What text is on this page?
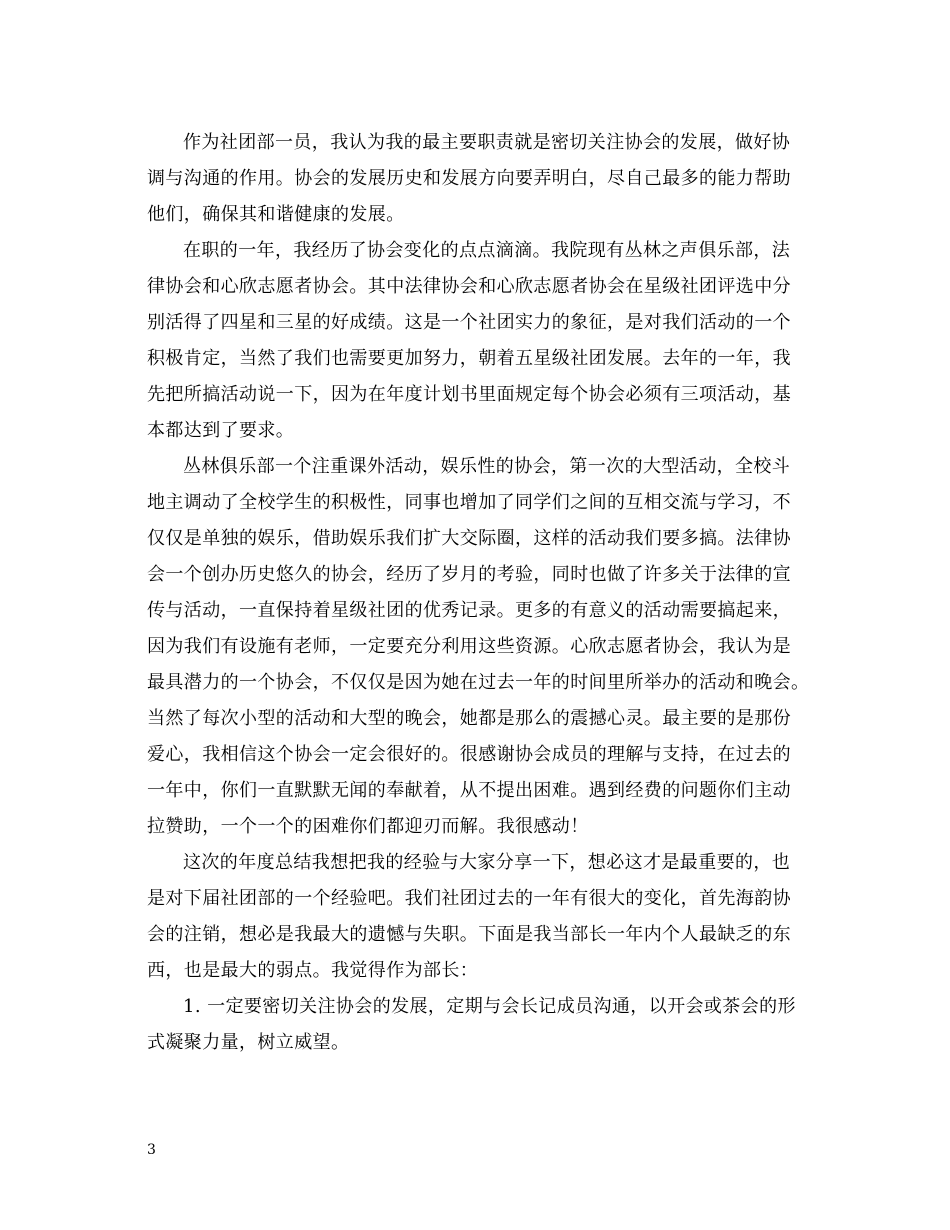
作为社团部一员，我认为我的最主要职责就是密切关注协会的发展，做好协
调与沟通的作用。协会的发展历史和发展方向要弄明白，尽自己最多的能力帮助
他们，确保其和谐健康的发展。
在职的一年，我经历了协会变化的点点滴滴。我院现有丛林之声俱乐部，法
律协会和心欣志愿者协会。其中法律协会和心欣志愿者协会在星级社团评选中分
别活得了四星和三星的好成绩。这是一个社团实力的象征，是对我们活动的一个
积极肯定，当然了我们也需要更加努力，朝着五星级社团发展。去年的一年，我
先把所搞活动说一下，因为在年度计划书里面规定每个协会必须有三项活动，基
本都达到了要求。
丛林俱乐部一个注重课外活动，娱乐性的协会，第一次的大型活动，全校斗
地主调动了全校学生的积极性，同事也增加了同学们之间的互相交流与学习，不
仅仅是单独的娱乐，借助娱乐我们扩大交际圈，这样的活动我们要多搞。法律协
会一个创办历史悠久的协会，经历了岁月的考验，同时也做了许多关于法律的宣
传与活动，一直保持着星级社团的优秀记录。更多的有意义的活动需要搞起来，
因为我们有设施有老师，一定要充分利用这些资源。心欣志愿者协会，我认为是
最具潜力的一个协会，不仅仅是因为她在过去一年的时间里所举办的活动和晚会。
当然了每次小型的活动和大型的晚会，她都是那么的震撼心灵。最主要的是那份
爱心，我相信这个协会一定会很好的。很感谢协会成员的理解与支持，在过去的
一年中，你们一直默默无闻的奉献着，从不提出困难。遇到经费的问题你们主动
拉赞助，一个一个的困难你们都迎刃而解。我很感动！
这次的年度总结我想把我的经验与大家分享一下，想必这才是最重要的，也
是对下届社团部的一个经验吧。我们社团过去的一年有很大的变化，首先海韵协
会的注销，想必是我最大的遗憾与失职。下面是我当部长一年内个人最缺乏的东
西，也是最大的弱点。我觉得作为部长：
1. 一定要密切关注协会的发展，定期与会长记成员沟通，以开会或茶会的形
式凝聚力量，树立威望。
3
